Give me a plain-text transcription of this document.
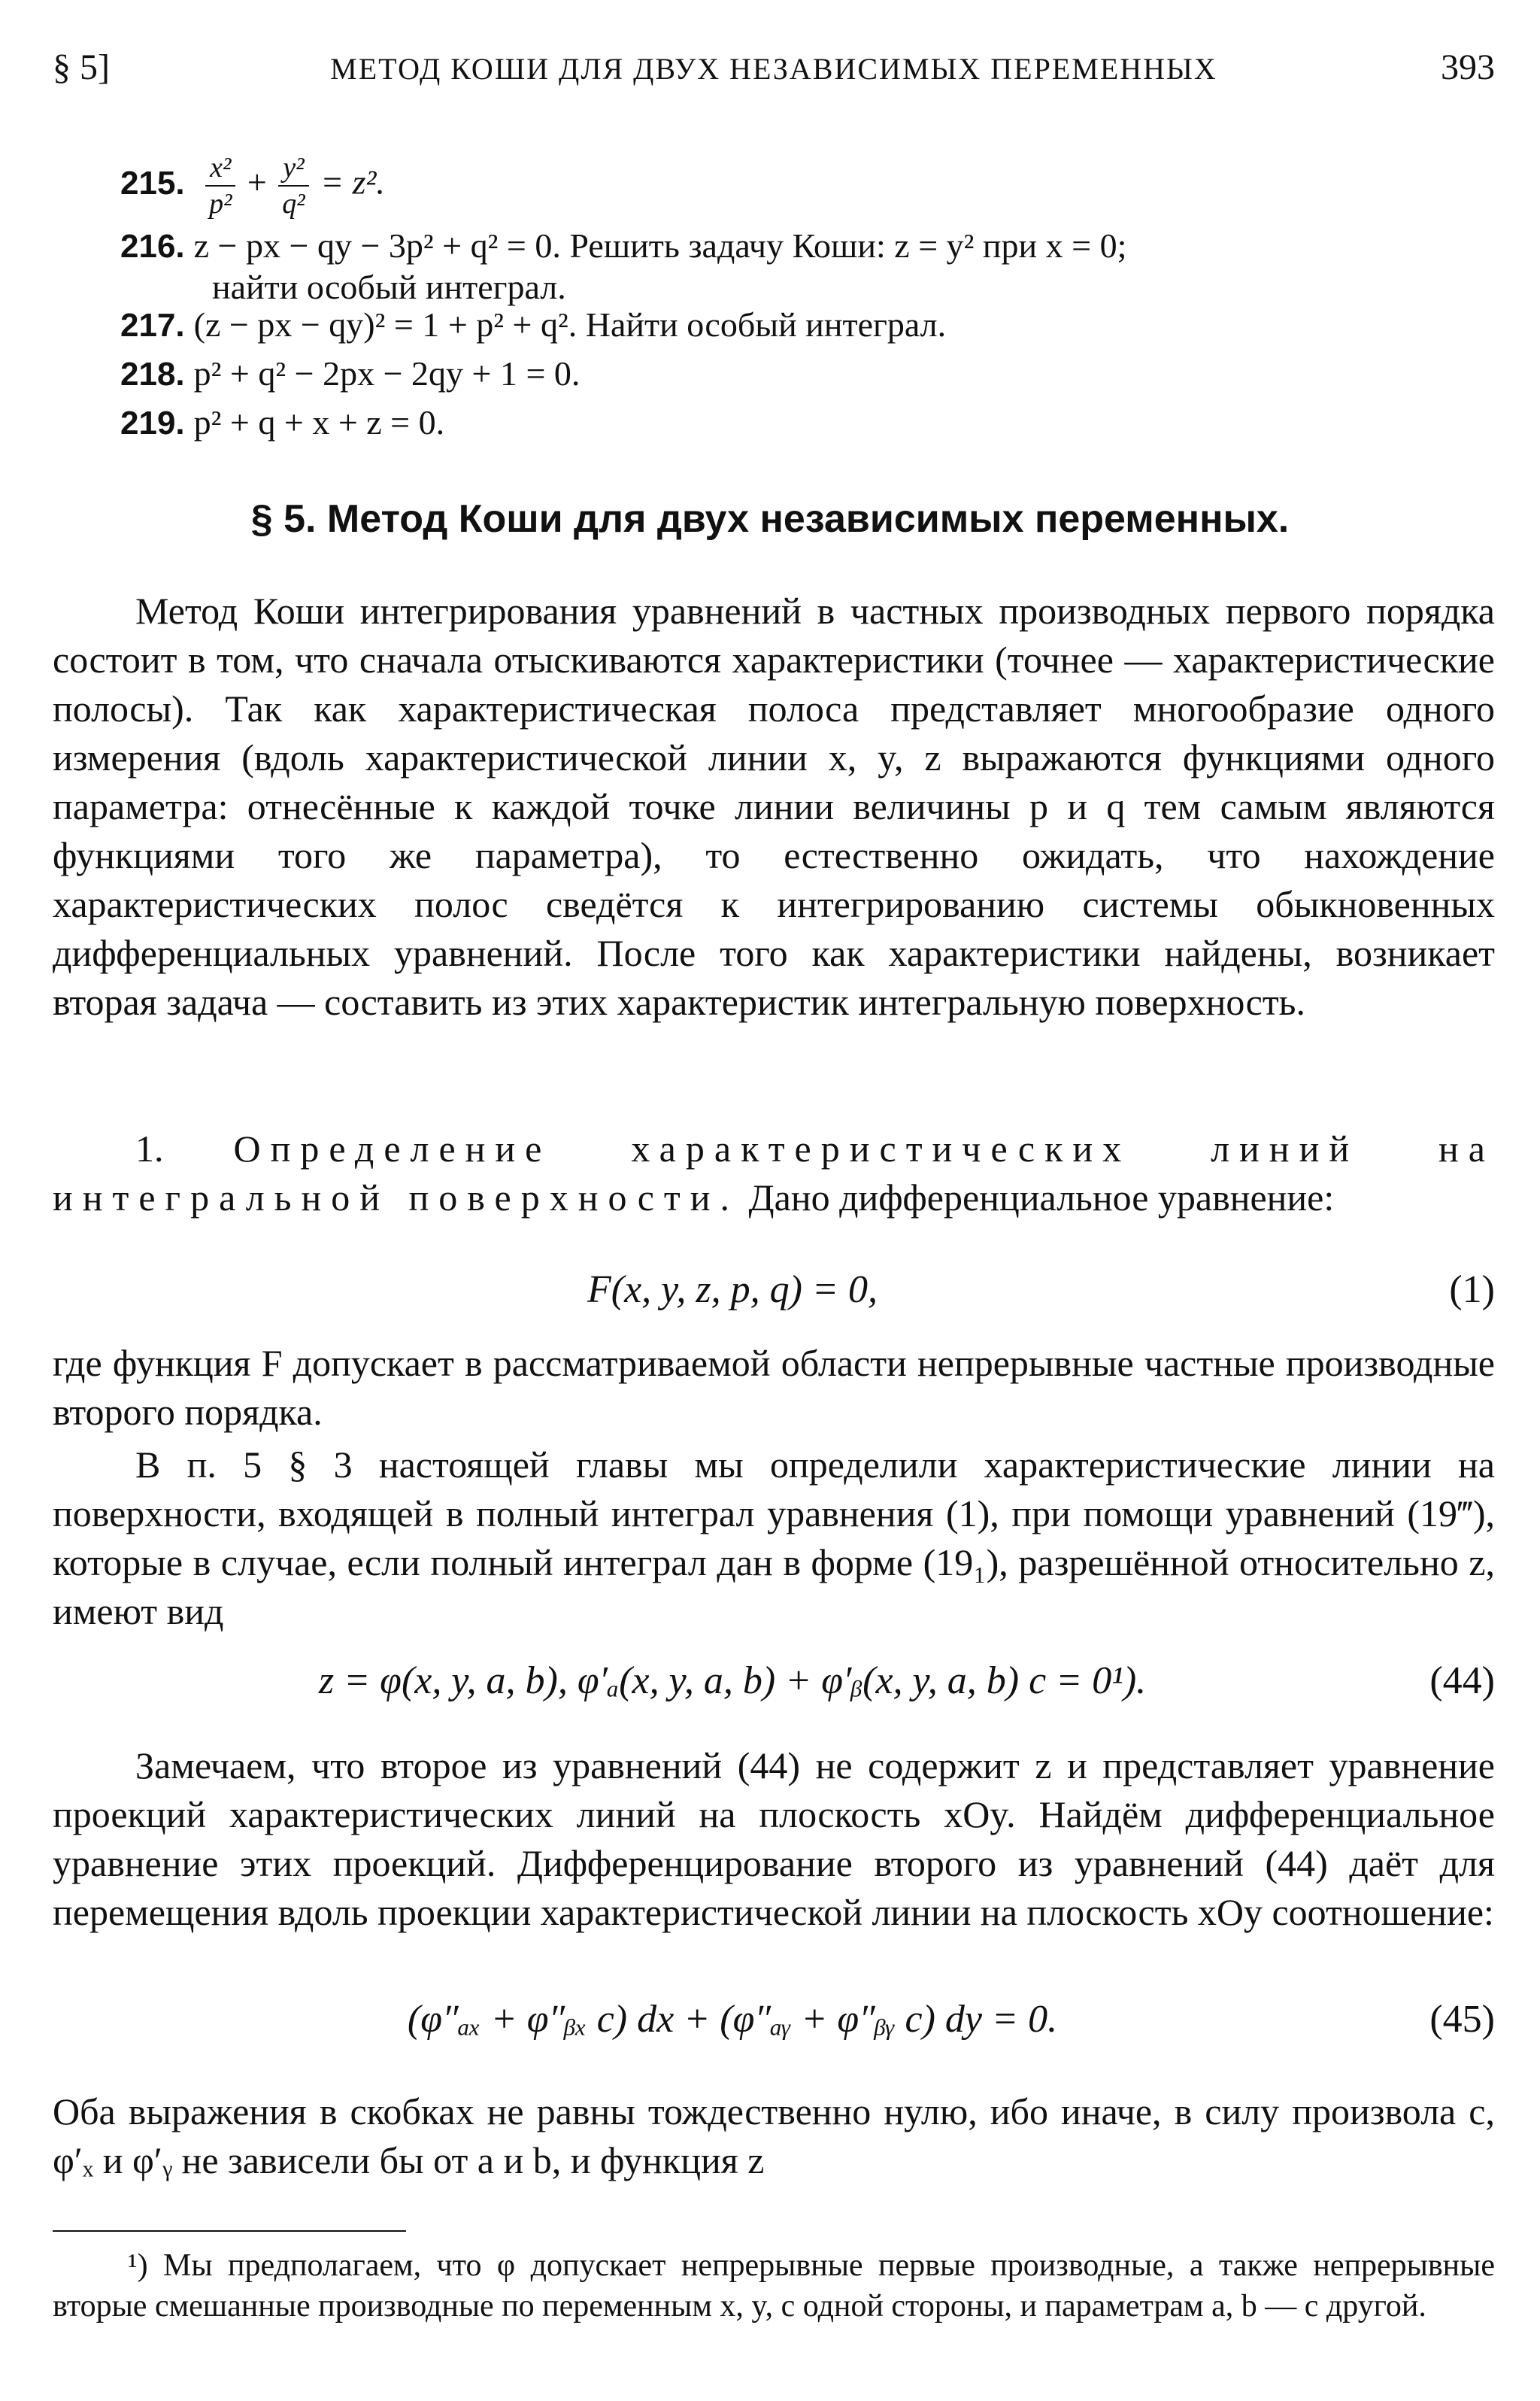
§ 5]	МЕТОД КОШИ ДЛЯ ДВУХ НЕЗАВИСИМЫХ ПЕРЕМЕННЫХ	393
215. $\frac{\text{x²}}{\text{p²}} + \frac{\text{y²}}{\text{q²}} = z^2$.
216. z − px − qy − 3p² + q² = 0. Решить задачу Коши: z = y² при x = 0;
найти особый интеграл.
217. (z − px − qy)² = 1 + p² + q². Найти особый интеграл.
218. p² + q² − 2px − 2qy + 1 = 0.
219. p² + q + x + z = 0.
§ 5. Метод Коши для двух независимых переменных.
Метод Коши интегрирования уравнений в частных производных первого порядка состоит в том, что сначала отыскиваются характеристики (точнее — характеристические полосы). Так как характеристическая полоса представляет многообразие одного измерения (вдоль характеристической линии x, y, z выражаются функциями одного параметра: отнесённые к каждой точке линии величины p и q тем самым являются функциями того же параметра), то естественно ожидать, что нахождение характеристических полос сведётся к интегрированию системы обыкновенных дифференциальных уравнений. После того как характеристики найдены, возникает вторая задача — составить из этих характеристик интегральную поверхность.
1. Определение характеристических линий на интегральной поверхности. Дано дифференциальное уравнение:
F(x, y, z, p, q) = 0,	(1)
где функция F допускает в рассматриваемой области непрерывные частные производные второго порядка.
В п. 5 § 3 настоящей главы мы определили характеристические линии на поверхности, входящей в полный интеграл уравнения (1), при помощи уравнений (19‴), которые в случае, если полный интеграл дан в форме (19₁), разрешённой относительно z, имеют вид
z = φ(x, y, a, b), φ′ₐ(x, y, a, b) + φ′ᵦ(x, y, a, b) c = 0¹).	(44)
Замечаем, что второе из уравнений (44) не содержит z и представляет уравнение проекций характеристических линий на плоскость xOy. Найдём дифференциальное уравнение этих проекций. Дифференцирование второго из уравнений (44) даёт для перемещения вдоль проекции характеристической линии на плоскость xOy соотношение:
(φ″ₐₓ + φ″ᵦₓ c) dx + (φ″ₐᵧ + φ″ᵦᵧ c) dy = 0.	(45)
Оба выражения в скобках не равны тождественно нулю, ибо иначе, в силу произвола c, φ′ₓ и φ′ᵧ не зависели бы от a и b, и функция z
¹) Мы предполагаем, что φ допускает непрерывные первые производные, а также непрерывные вторые смешанные производные по переменным x, y, с одной стороны, и параметрам a, b — с другой.
